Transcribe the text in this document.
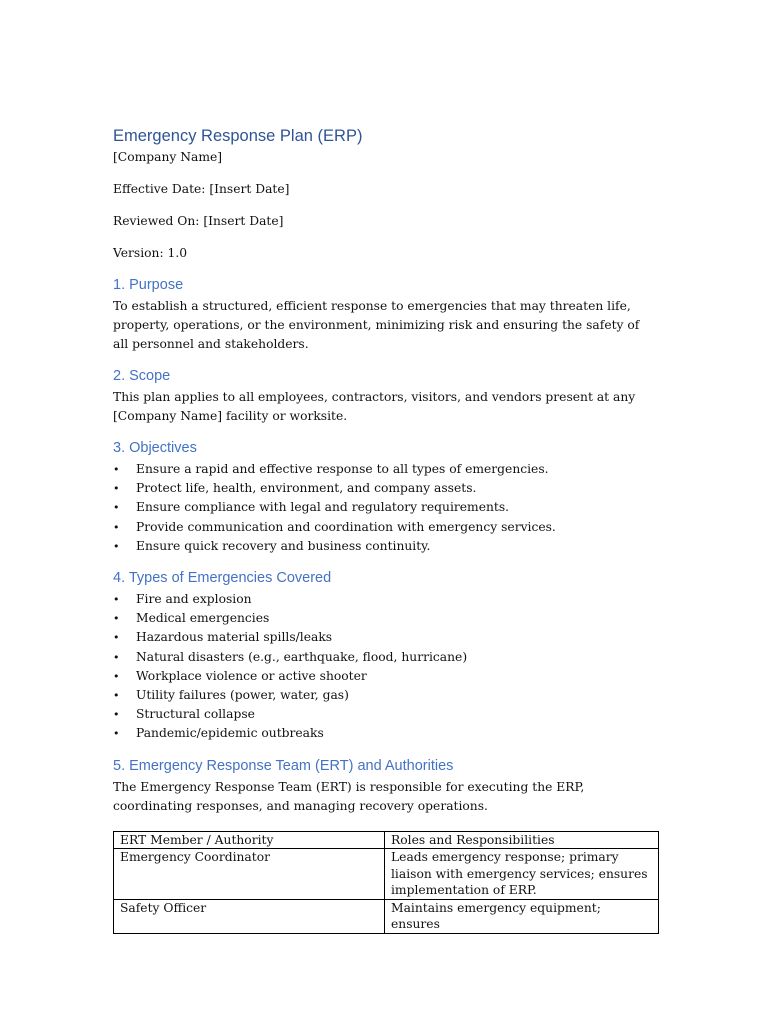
Emergency Response Plan (ERP)

[Company Name]

Effective Date: [Insert Date]

Reviewed On: [Insert Date]

Version: 1.0

1. Purpose

To establish a structured, efficient response to emergencies that may threaten life, property, operations, or the environment, minimizing risk and ensuring the safety of all personnel and stakeholders.

2. Scope

This plan applies to all employees, contractors, visitors, and vendors present at any [Company Name] facility or worksite.

3. Objectives
• Ensure a rapid and effective response to all types of emergencies.
• Protect life, health, environment, and company assets.
• Ensure compliance with legal and regulatory requirements.
• Provide communication and coordination with emergency services.
• Ensure quick recovery and business continuity.
4. Types of Emergencies Covered
• Fire and explosion
• Medical emergencies
• Hazardous material spills/leaks
• Natural disasters (e.g., earthquake, flood, hurricane)
• Workplace violence or active shooter
• Utility failures (power, water, gas)
• Structural collapse
• Pandemic/epidemic outbreaks
5. Emergency Response Team (ERT) and Authorities

The Emergency Response Team (ERT) is responsible for executing the ERP, coordinating responses, and managing recovery operations.

ERT Member / Authority	Roles and Responsibilities
Emergency Coordinator	Leads emergency response; primary liaison with emergency services; ensures implementation of ERP.
Safety Officer	Maintains emergency equipment; ensures
